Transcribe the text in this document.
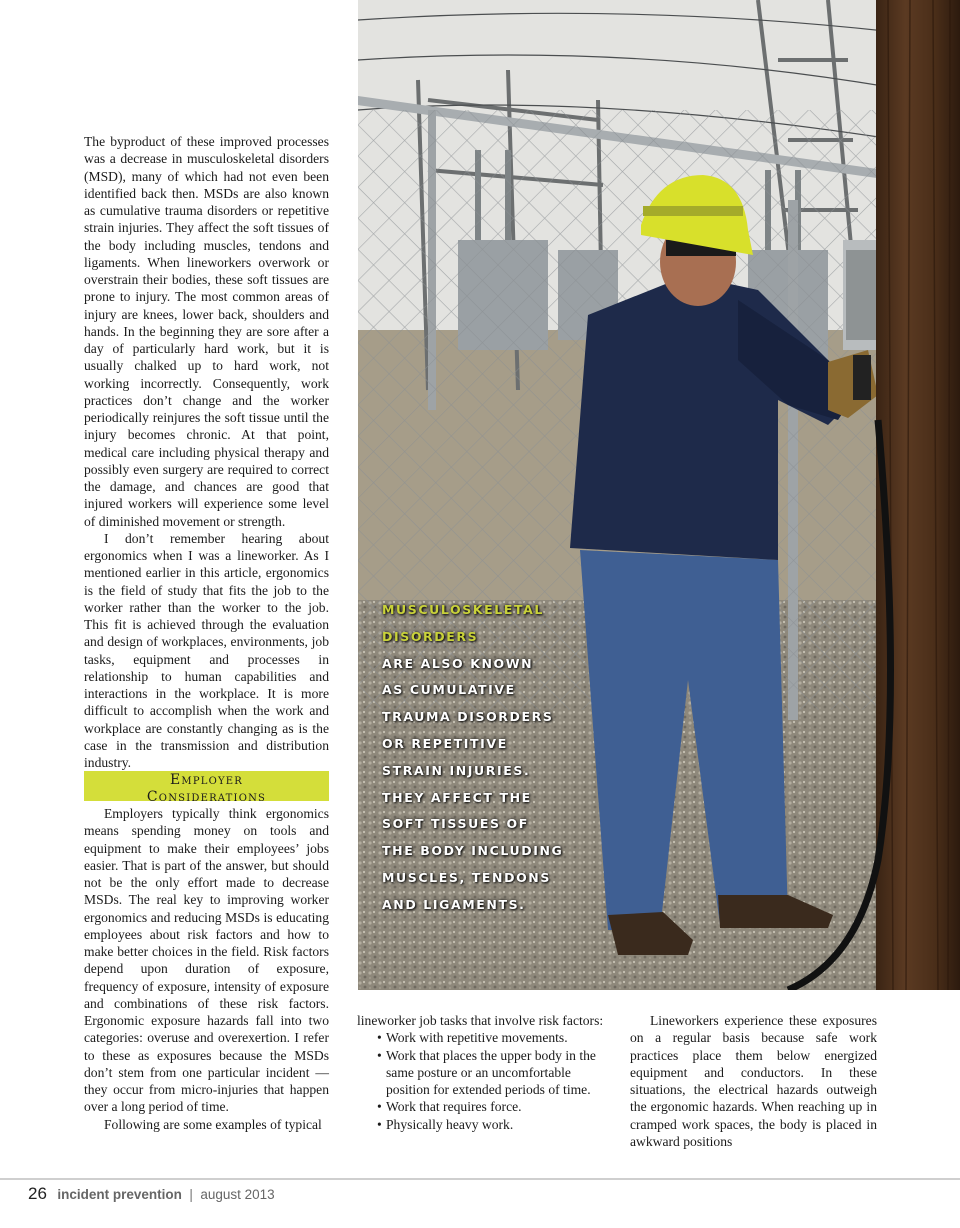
The byproduct of these improved processes was a decrease in musculoskeletal disorders (MSD), many of which had not even been identified back then. MSDs are also known as cumulative trauma disorders or repetitive strain injuries. They affect the soft tissues of the body including muscles, tendons and ligaments. When lineworkers overwork or overstrain their bodies, these soft tissues are prone to injury. The most common areas of injury are knees, lower back, shoulders and hands. In the beginning they are sore after a day of particularly hard work, but it is usually chalked up to hard work, not working incorrectly. Consequently, work practices don’t change and the worker periodically reinjures the soft tissue until the injury becomes chronic. At that point, medical care including physical therapy and possibly even surgery are required to correct the damage, and chances are good that injured workers will experience some level of diminished movement or strength.

I don’t remember hearing about ergonomics when I was a lineworker. As I mentioned earlier in this article, ergonomics is the field of study that fits the job to the worker rather than the worker to the job. This fit is achieved through the evaluation and design of workplaces, environments, job tasks, equipment and processes in relationship to human capabilities and interactions in the workplace. It is more difficult to accomplish when the work and workplace are constantly changing as is the case in the transmission and distribution industry.

Employer
Considerations

Employers typically think ergonomics means spending money on tools and equipment to make their employees’ jobs easier. That is part of the answer, but should not be the only effort made to decrease MSDs. The real key to improving worker ergonomics and reducing MSDs is educating employees about risk factors and how to make better choices in the field. Risk factors depend upon duration of exposure, frequency of exposure, intensity of exposure and combinations of these risk factors. Ergonomic exposure hazards fall into two categories: overuse and overexertion. I refer to these as exposures because the MSDs don’t stem from one particular incident — they occur from micro-injuries that happen over a long period of time.

Following are some examples of typical

MUSCULOSKELETAL
DISORDERS
ARE ALSO KNOWN
AS CUMULATIVE
TRAUMA DISORDERS
OR REPETITIVE
STRAIN INJURIES.
THEY AFFECT THE
SOFT TISSUES OF
THE BODY INCLUDING
MUSCLES, TENDONS
AND LIGAMENTS.

lineworker job tasks that involve risk factors:

• Work with repetitive movements.
• Work that places the upper body in the same posture or an uncomfortable position for extended periods of time.
• Work that requires force.
• Physically heavy work.

Lineworkers experience these exposures on a regular basis because safe work practices place them below energized equipment and conductors. In these situations, the electrical hazards outweigh the ergonomic hazards. When reaching up in cramped work spaces, the body is placed in awkward positions

26 incident prevention | august 2013
